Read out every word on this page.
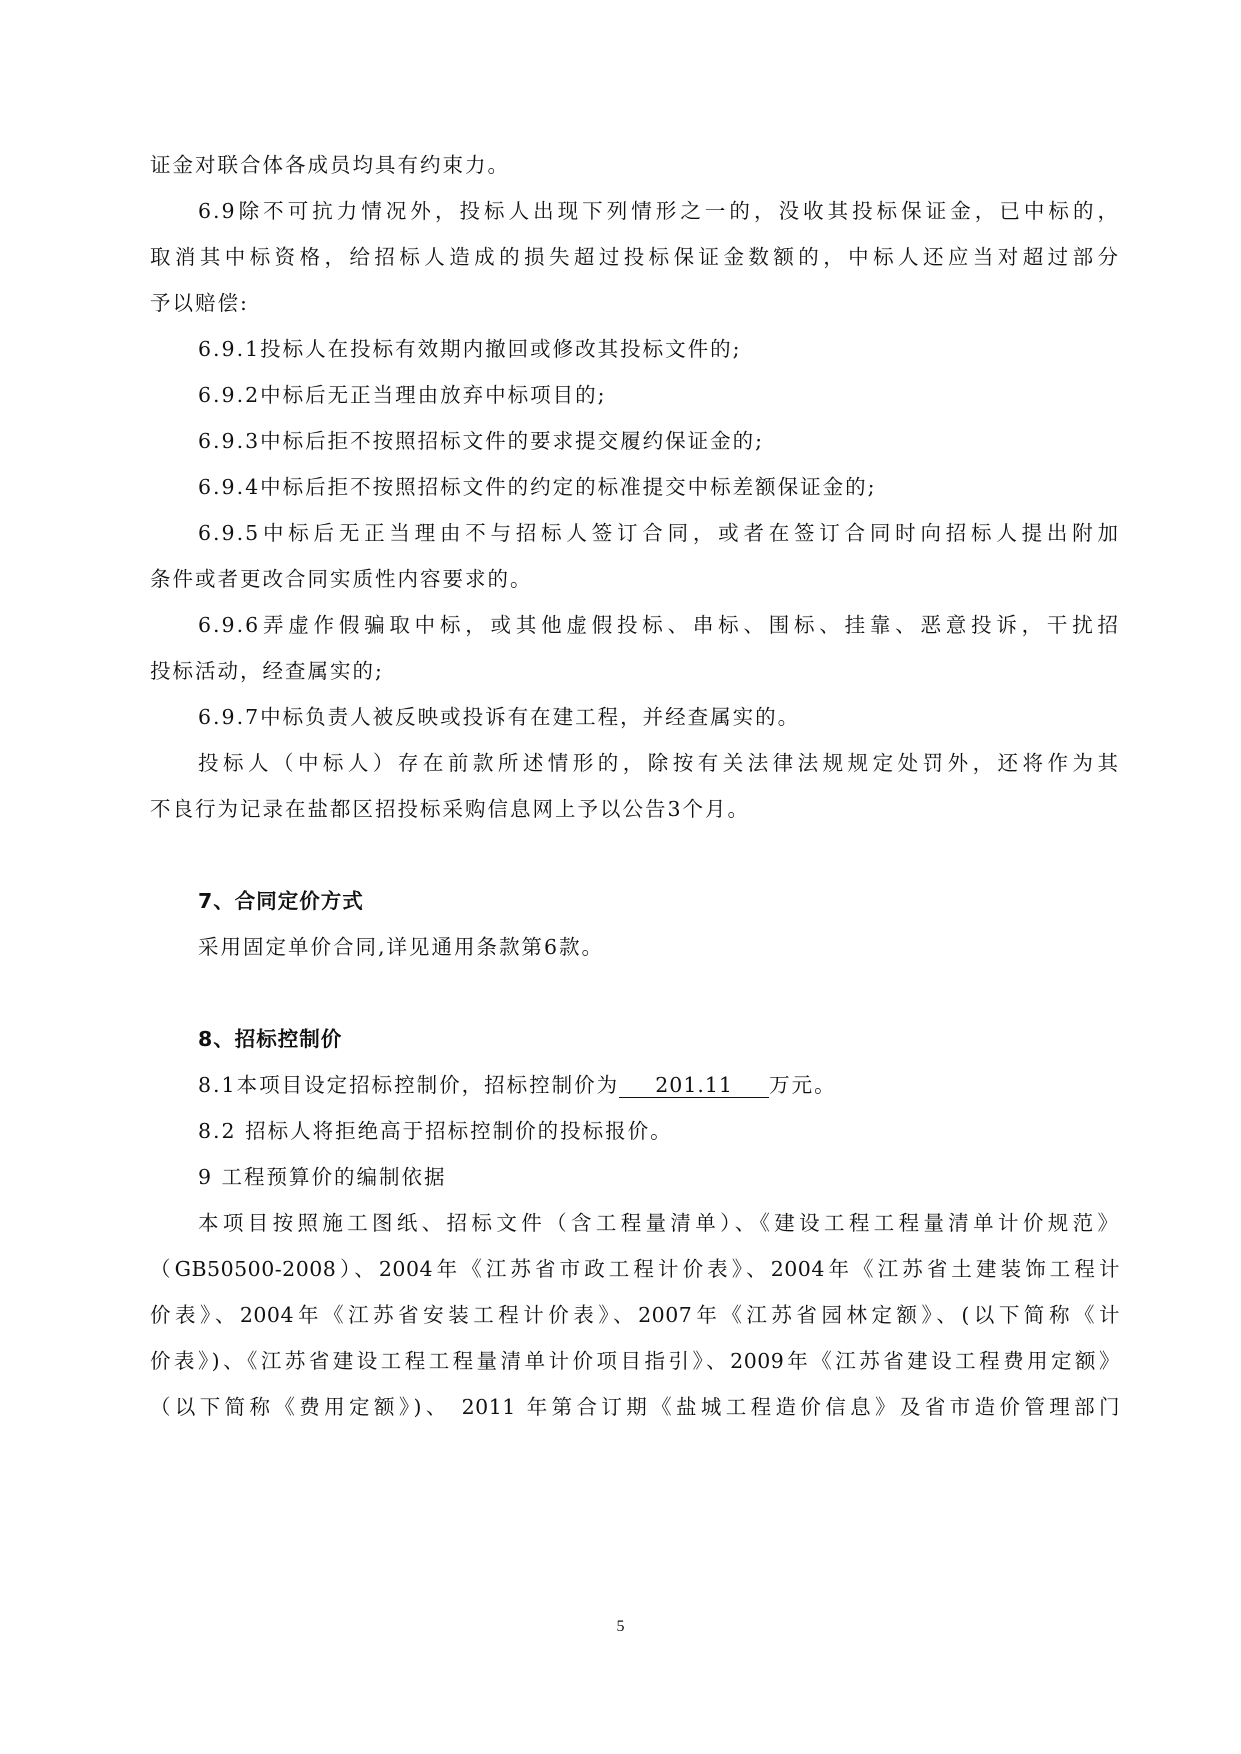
证金对联合体各成员均具有约束力。
6.9除不可抗力情况外，投标人出现下列情形之一的，没收其投标保证金，已中标的，
取消其中标资格，给招标人造成的损失超过投标保证金数额的，中标人还应当对超过部分
予以赔偿:
6.9.1投标人在投标有效期内撤回或修改其投标文件的;
6.9.2中标后无正当理由放弃中标项目的;
6.9.3中标后拒不按照招标文件的要求提交履约保证金的;
6.9.4中标后拒不按照招标文件的约定的标准提交中标差额保证金的;
6.9.5中标后无正当理由不与招标人签订合同，或者在签订合同时向招标人提出附加
条件或者更改合同实质性内容要求的。
6.9.6弄虚作假骗取中标，或其他虚假投标、串标、围标、挂靠、恶意投诉，干扰招
投标活动，经查属实的;
6.9.7中标负责人被反映或投诉有在建工程，并经查属实的。
投标人（中标人）存在前款所述情形的，除按有关法律法规规定处罚外，还将作为其
不良行为记录在盐都区招投标采购信息网上予以公告3个月。
7、合同定价方式
采用固定单价合同,详见通用条款第6款。
8、招标控制价
8.1本项目设定招标控制价，招标控制价为 201.11 万元。
8.2 招标人将拒绝高于招标控制价的投标报价。
9 工程预算价的编制依据
本项目按照施工图纸、招标文件（含工程量清单）、《建设工程工程量清单计价规范》
（GB50500-2008）、2004年《江苏省市政工程计价表》、2004年《江苏省土建装饰工程计
价表》、2004年《江苏省安装工程计价表》、2007年《江苏省园林定额》、(以下简称《计
价表》)、《江苏省建设工程工程量清单计价项目指引》、2009年《江苏省建设工程费用定额》
（以下简称《费用定额》)、 2011 年第合订期《盐城工程造价信息》及省市造价管理部门
5
